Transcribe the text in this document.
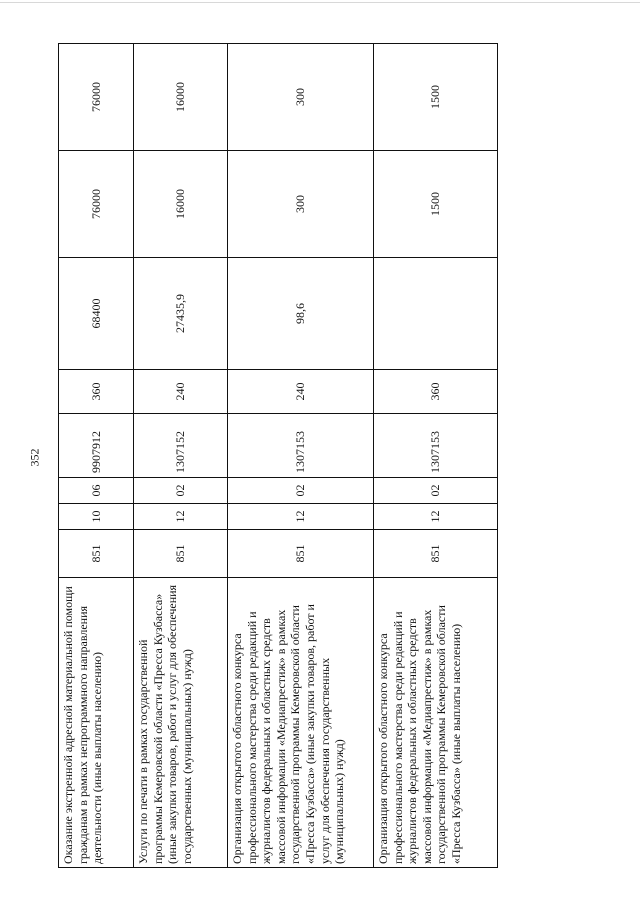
352
Оказание экстренной адресной материальной помощи гражданам в рамках непрограммного направления деятельности (иные выплаты населению)	851	10	06	9907912	360	68400	76000	76000
Услуги по печати в рамках государственной программы Кемеровской области «Пресса Кузбасса» (иные закупки товаров, работ и услуг для обеспечения государственных (муниципальных) нужд)	851	12	02	1307152	240	27435,9	16000	16000
Организация открытого областного конкурса профессионального мастерства среди редакций и журналистов федеральных и областных средств массовой информации «Медиапрестиж» в рамках государственной программы Кемеровской области «Пресса Кузбасса» (иные закупки товаров, работ и услуг для обеспечения государственных (муниципальных) нужд)	851	12	02	1307153	240	98,6	300	300
Организация открытого областного конкурса профессионального мастерства среди редакций и журналистов федеральных и областных средств массовой информации «Медиапрестиж» в рамках государственной программы Кемеровской области «Пресса Кузбасса» (иные выплаты населению)	851	12	02	1307153	360		1500	1500
